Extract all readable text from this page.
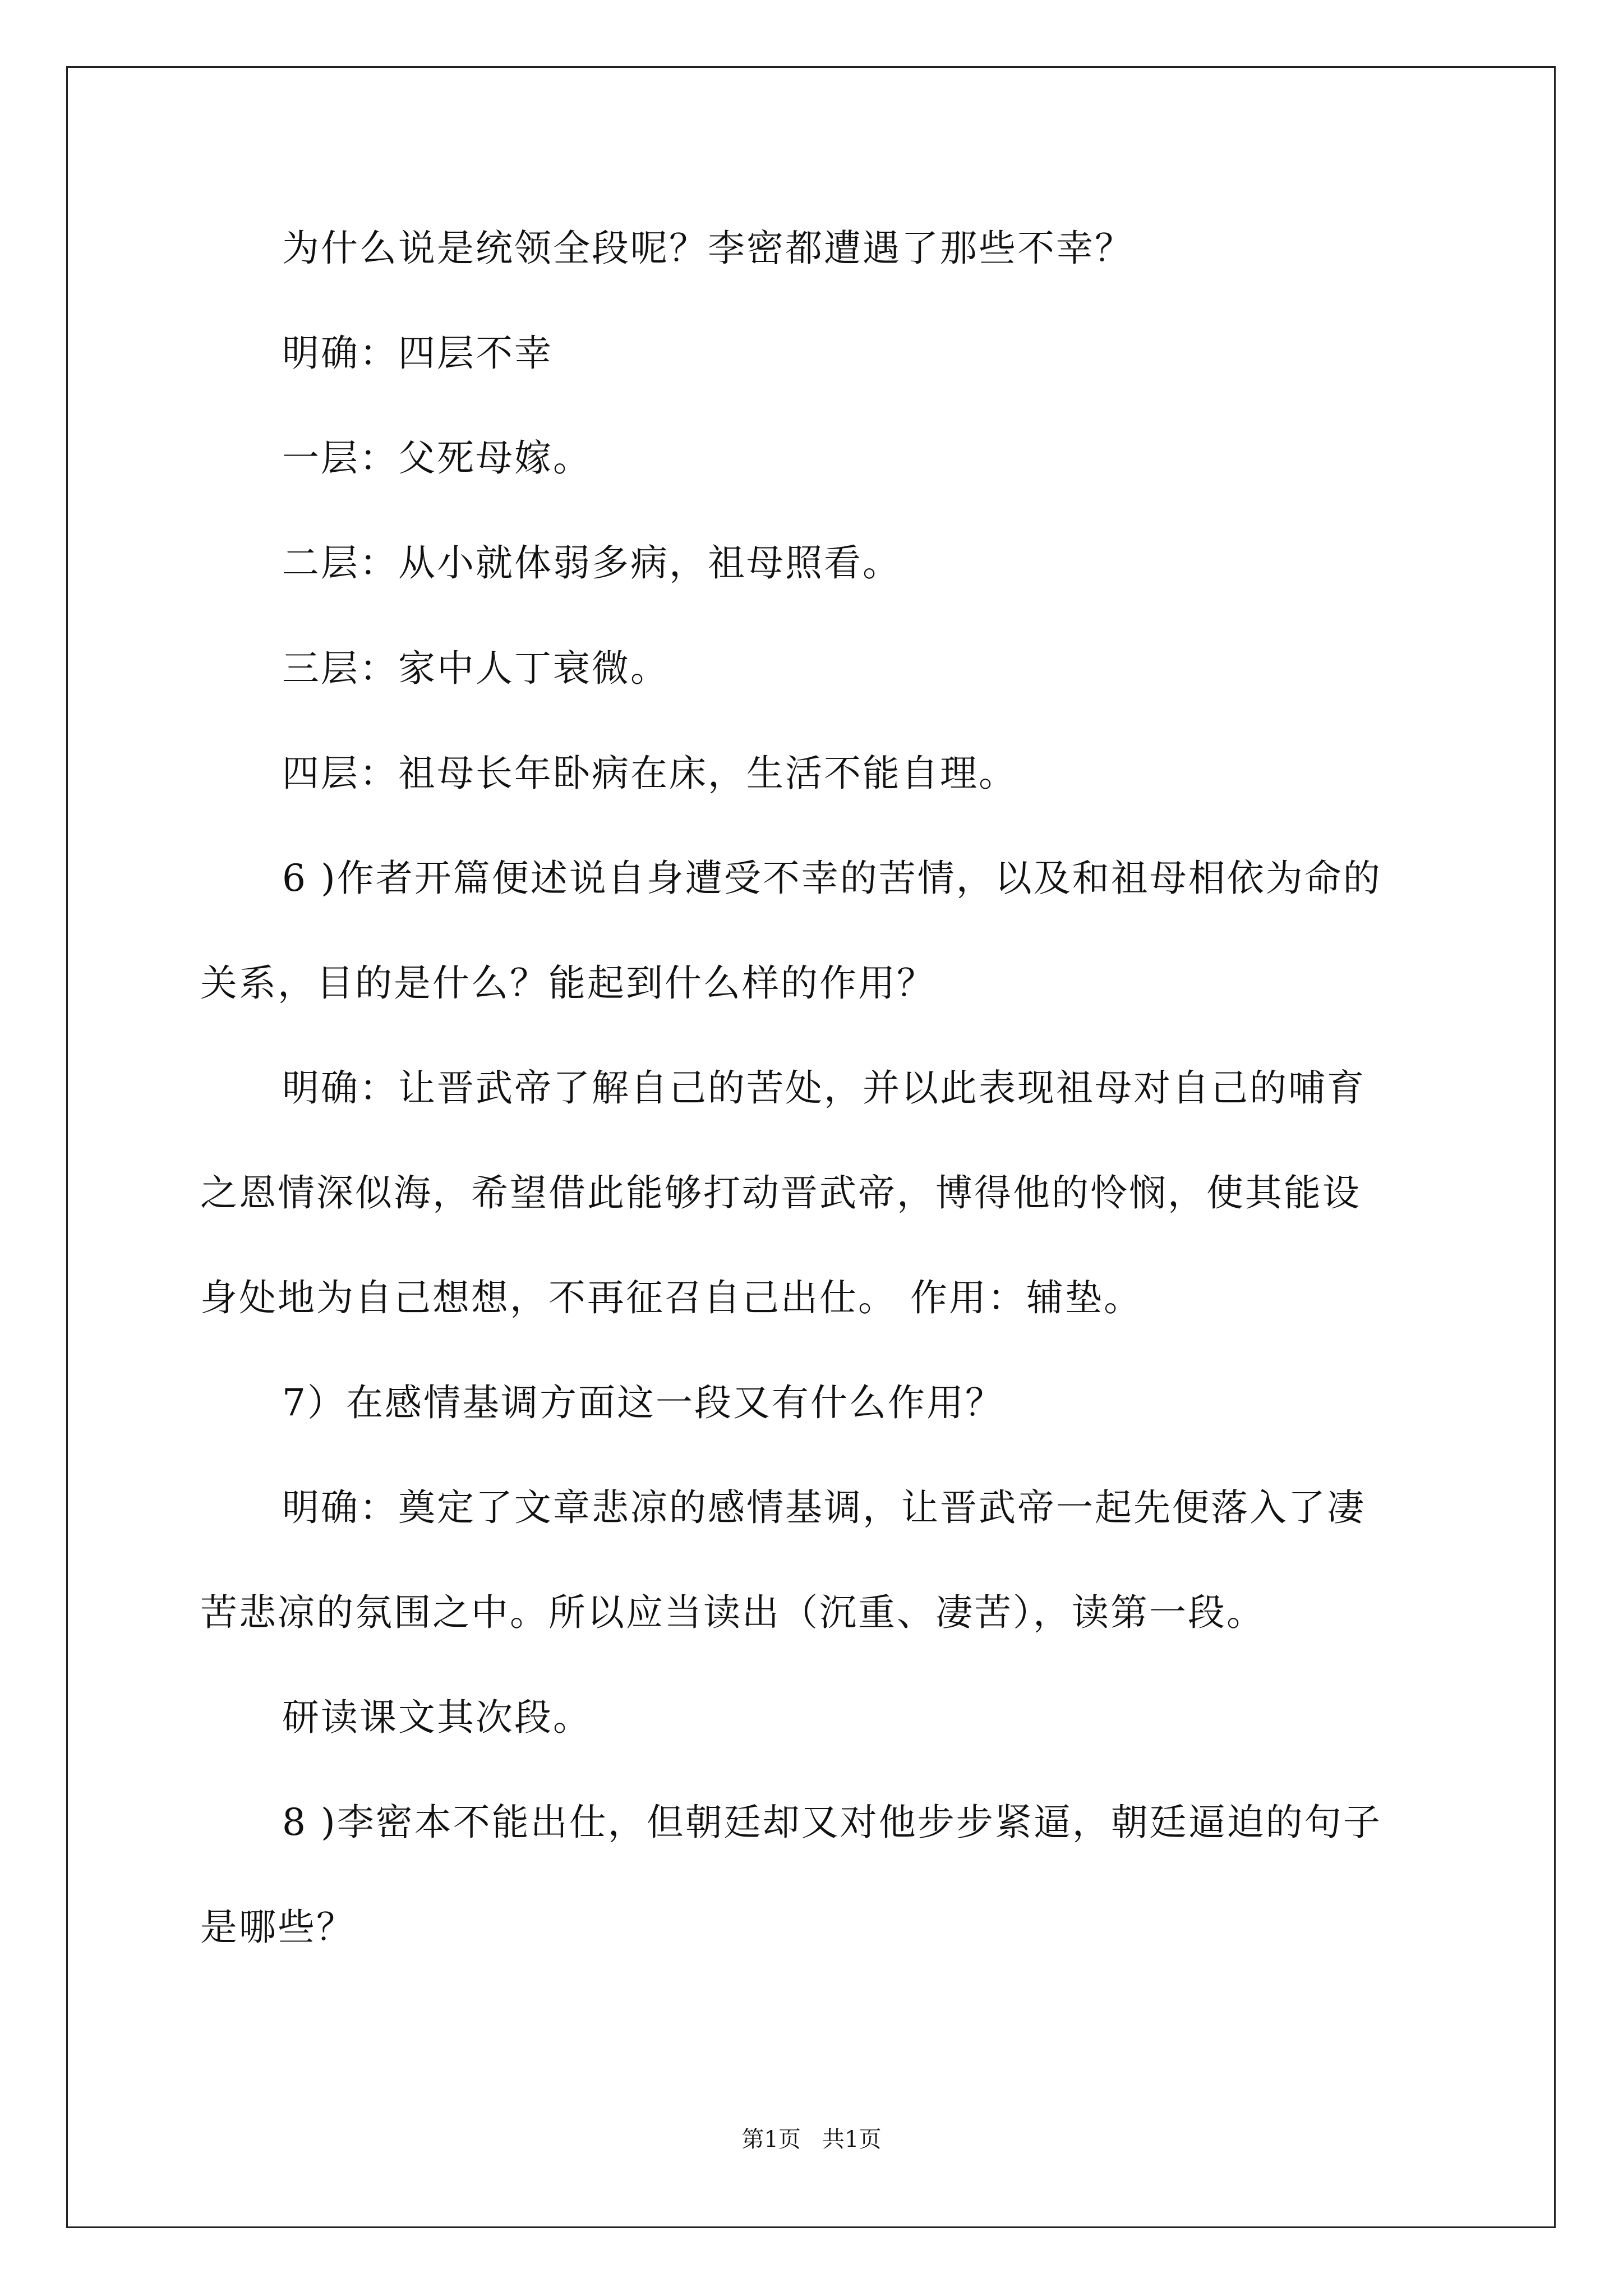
为什么说是统领全段呢？李密都遭遇了那些不幸？

明确：四层不幸

一层：父死母嫁。

二层：从小就体弱多病，祖母照看。

三层：家中人丁衰微。

四层：祖母长年卧病在床，生活不能自理。

6 )作者开篇便述说自身遭受不幸的苦情，以及和祖母相依为命的

关系，目的是什么？能起到什么样的作用？

明确：让晋武帝了解自己的苦处，并以此表现祖母对自己的哺育

之恩情深似海，希望借此能够打动晋武帝，博得他的怜悯，使其能设

身处地为自己想想，不再征召自己出仕。 作用：辅垫。

7）在感情基调方面这一段又有什么作用？

明确：奠定了文章悲凉的感情基调，让晋武帝一起先便落入了凄

苦悲凉的氛围之中。所以应当读出（沉重、凄苦），读第一段。

研读课文其次段。

8 )李密本不能出仕，但朝廷却又对他步步紧逼，朝廷逼迫的句子

是哪些？

第1页   共1页
